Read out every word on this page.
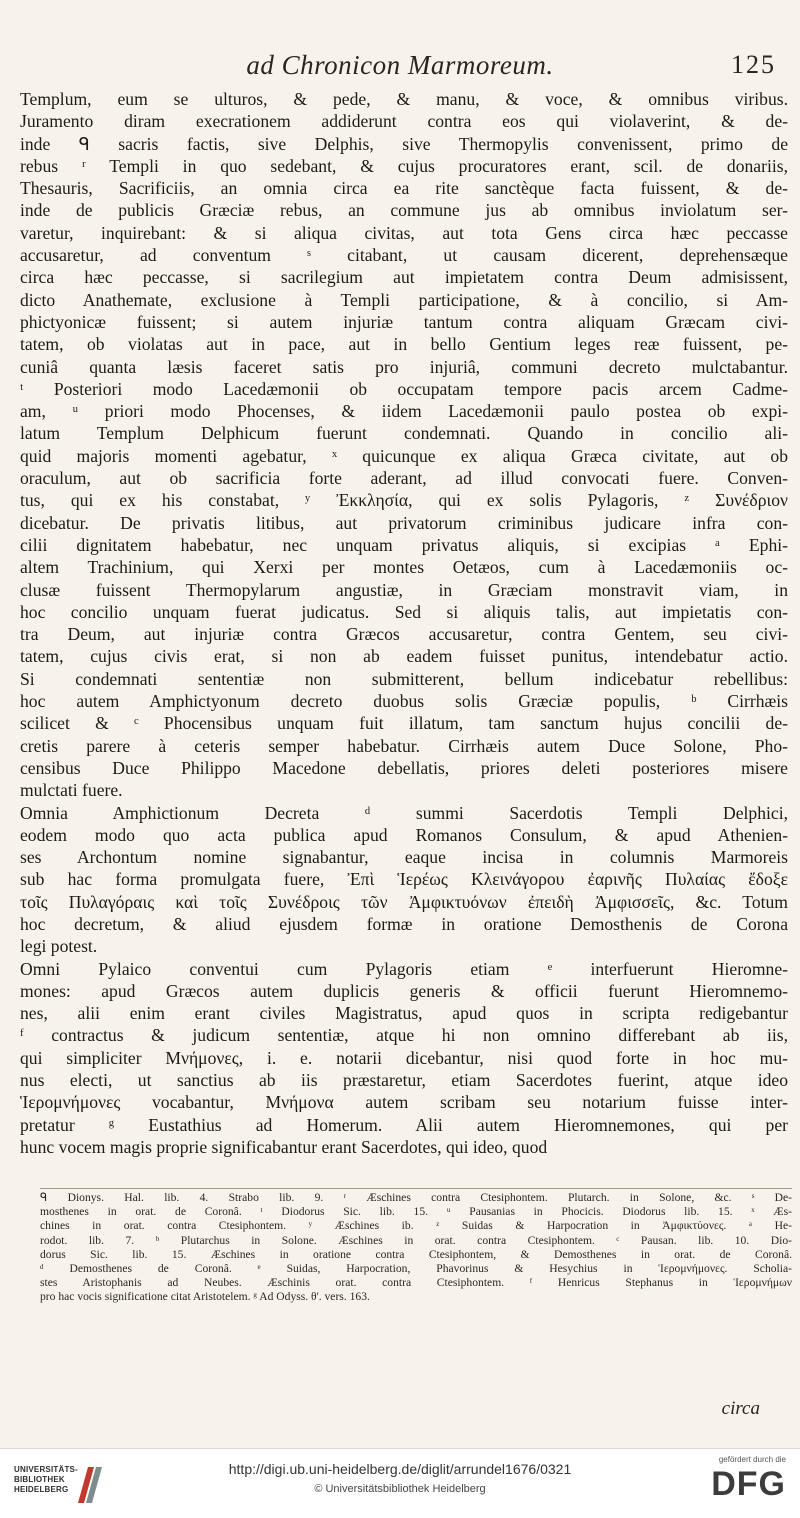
ad Chronicon Marmoreum.	125
Templum, eum se ulturos, & pede, & manu, & voce, & omnibus viribus.
Juramento diram execrationem addiderunt contra eos qui violaverint, & de-
inde ᑫ sacris factis, sive Delphis, sive Thermopylis convenissent, primo de
rebus ʳ Templi in quo sedebant, & cujus procuratores erant, scil. de donariis,
Thesauris, Sacrificiis, an omnia circa ea rite sanctèque facta fuissent, & de-
inde de publicis Græciæ rebus, an commune jus ab omnibus inviolatum ser-
varetur, inquirebant: & si aliqua civitas, aut tota Gens circa hæc peccasse
accusaretur, ad conventum ˢ citabant, ut causam dicerent, deprehensæque
circa hæc peccasse, si sacrilegium aut impietatem contra Deum admisissent,
dicto Anathemate, exclusione à Templi participatione, & à concilio, si Am-
phictyonicæ fuissent; si autem injuriæ tantum contra aliquam Græcam civi-
tatem, ob violatas aut in pace, aut in bello Gentium leges reæ fuissent, pe-
cuniâ quanta læsis faceret satis pro injuriâ, communi decreto mulctabantur.
ᵗ Posteriori modo Lacedæmonii ob occupatam tempore pacis arcem Cadme-
am, ᵘ priori modo Phocenses, & iidem Lacedæmonii paulo postea ob expi-
latum Templum Delphicum fuerunt condemnati. Quando in concilio ali-
quid majoris momenti agebatur, ˣ quicunque ex aliqua Græca civitate, aut ob
oraculum, aut ob sacrificia forte aderant, ad illud convocati fuere. Conven-
tus, qui ex his constabat, ʸ Ἐκκλησία, qui ex solis Pylagoris, ᶻ Συνέδριον
dicebatur. De privatis litibus, aut privatorum criminibus judicare infra con-
cilii dignitatem habebatur, nec unquam privatus aliquis, si excipias ᵃ Ephi-
altem Trachinium, qui Xerxi per montes Oetæos, cum à Lacedæmoniis oc-
clusæ fuissent Thermopylarum angustiæ, in Græciam monstravit viam, in
hoc concilio unquam fuerat judicatus. Sed si aliquis talis, aut impietatis con-
tra Deum, aut injuriæ contra Græcos accusaretur, contra Gentem, seu civi-
tatem, cujus civis erat, si non ab eadem fuisset punitus, intendebatur actio.
Si condemnati sententiæ non submitterent, bellum indicebatur rebellibus:
hoc autem Amphictyonum decreto duobus solis Græciæ populis, ᵇ Cirrhæis
scilicet & ᶜ Phocensibus unquam fuit illatum, tam sanctum hujus concilii de-
cretis parere à ceteris semper habebatur. Cirrhæis autem Duce Solone, Pho-
censibus Duce Philippo Macedone debellatis, priores deleti posteriores misere
mulctati fuere.
Omnia Amphictionum Decreta ᵈ summi Sacerdotis Templi Delphici,
eodem modo quo acta publica apud Romanos Consulum, & apud Athenien-
ses Archontum nomine signabantur, eaque incisa in columnis Marmoreis
sub hac forma promulgata fuere, Ἐπὶ Ἱερέως Κλεινάγορου ἐαρινῆς Πυλαίας ἔδοξε
τοῖς Πυλαγόραις καὶ τοῖς Συνέδροις τῶν Ἀμφικτυόνων ἐπειδὴ Ἀμφισσεῖς, &c. Totum
hoc decretum, & aliud ejusdem formæ in oratione Demosthenis de Corona
legi potest.
Omni Pylaico conventui cum Pylagoris etiam ᵉ interfuerunt Hieromne-
mones: apud Græcos autem duplicis generis & officii fuerunt Hieromnemo-
nes, alii enim erant civiles Magistratus, apud quos in scripta redigebantur
ᶠ contractus & judicum sententiæ, atque hi non omnino differebant ab iis,
qui simpliciter Μνήμονες, i. e. notarii dicebantur, nisi quod forte in hoc mu-
nus electi, ut sanctius ab iis præstaretur, etiam Sacerdotes fuerint, atque ideo
Ἱερομνήμονες vocabantur, Μνήμονα autem scribam seu notarium fuisse inter-
pretatur ᵍ Eustathius ad Homerum. Alii autem Hieromnemones, qui per
hunc vocem magis proprie significabantur erant Sacerdotes, qui ideo, quod
ᑫ Dionys. Hal. lib. 4. Strabo lib. 9. ʳ Æschines contra Ctesiphontem. Plutarch. in Solone, &c. ˢ De-
mosthenes in orat. de Coronâ. ᵗ Diodorus Sic. lib. 15. ᵘ Pausanias in Phocicis. Diodorus lib. 15. ˣ Æs-
chines in orat. contra Ctesiphontem. ʸ Æschines ib. ᶻ Suidas & Harpocration in Ἀμφικτύονες. ᵃ He-
rodot. lib. 7. ᵇ Plutarchus in Solone. Æschines in orat. contra Ctesiphontem. ᶜ Pausan. lib. 10. Dio-
dorus Sic. lib. 15. Æschines in oratione contra Ctesiphontem, & Demosthenes in orat. de Coronâ.
ᵈ Demosthenes de Coronâ. ᵉ Suidas, Harpocration, Phavorinus & Hesychius in Ἱερομνήμονες. Scholia-
stes Aristophanis ad Neubes. Æschinis orat. contra Ctesiphontem. ᶠ Henricus Stephanus in Ἱερομνήμων
pro hac vocis significatione citat Aristotelem. ᵍ Ad Odyss. θ'. vers. 163.
circa
UNIVERSITÄTS-
BIBLIOTHEK
HEIDELBERG
http://digi.ub.uni-heidelberg.de/diglit/arrundel1676/0321
© Universitätsbibliothek Heidelberg
gefördert durch die
DFG
